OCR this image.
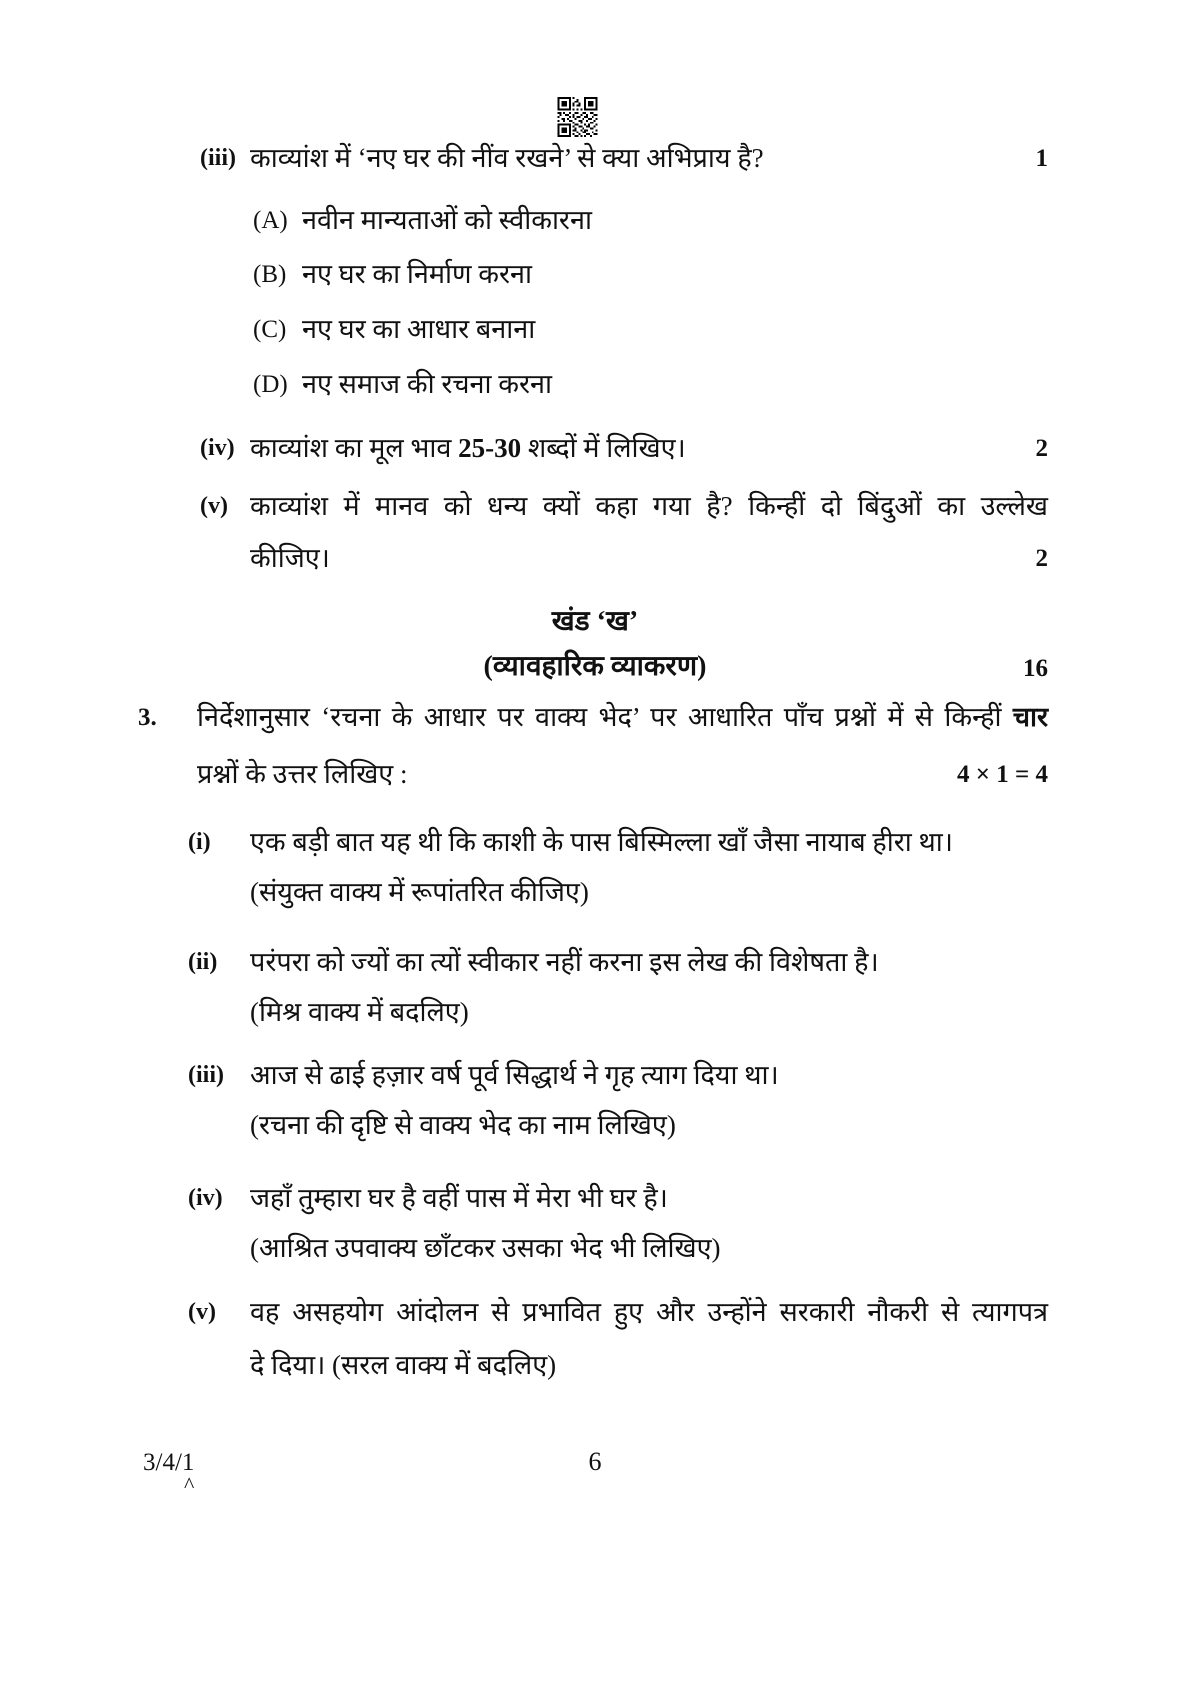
(iii) काव्यांश में ‘नए घर की नींव रखने’ से क्या अभिप्राय है?	1
(A) नवीन मान्यताओं को स्वीकारना
(B) नए घर का निर्माण करना
(C) नए घर का आधार बनाना
(D) नए समाज की रचना करना
(iv) काव्यांश का मूल भाव 25-30 शब्दों में लिखिए।	2
(v) काव्यांश में मानव को धन्य क्यों कहा गया है? किन्हीं दो बिंदुओं का उल्लेख
कीजिए।	2
खंड ‘ख’
(व्यावहारिक व्याकरण)	16
3. निर्देशानुसार ‘रचना के आधार पर वाक्य भेद’ पर आधारित पाँच प्रश्नों में से किन्हीं चार
प्रश्नों के उत्तर लिखिए :	4 × 1 = 4
(i) एक बड़ी बात यह थी कि काशी के पास बिस्मिल्ला खाँ जैसा नायाब हीरा था।
(संयुक्त वाक्य में रूपांतरित कीजिए)
(ii) परंपरा को ज्यों का त्यों स्वीकार नहीं करना इस लेख की विशेषता है।
(मिश्र वाक्य में बदलिए)
(iii) आज से ढाई हज़ार वर्ष पूर्व सिद्धार्थ ने गृह त्याग दिया था।
(रचना की दृष्टि से वाक्य भेद का नाम लिखिए)
(iv) जहाँ तुम्हारा घर है वहीं पास में मेरा भी घर है।
(आश्रित उपवाक्य छाँटकर उसका भेद भी लिखिए)
(v) वह असहयोग आंदोलन से प्रभावित हुए और उन्होंने सरकारी नौकरी से त्यागपत्र
दे दिया। (सरल वाक्य में बदलिए)
3/4/1
^
6
